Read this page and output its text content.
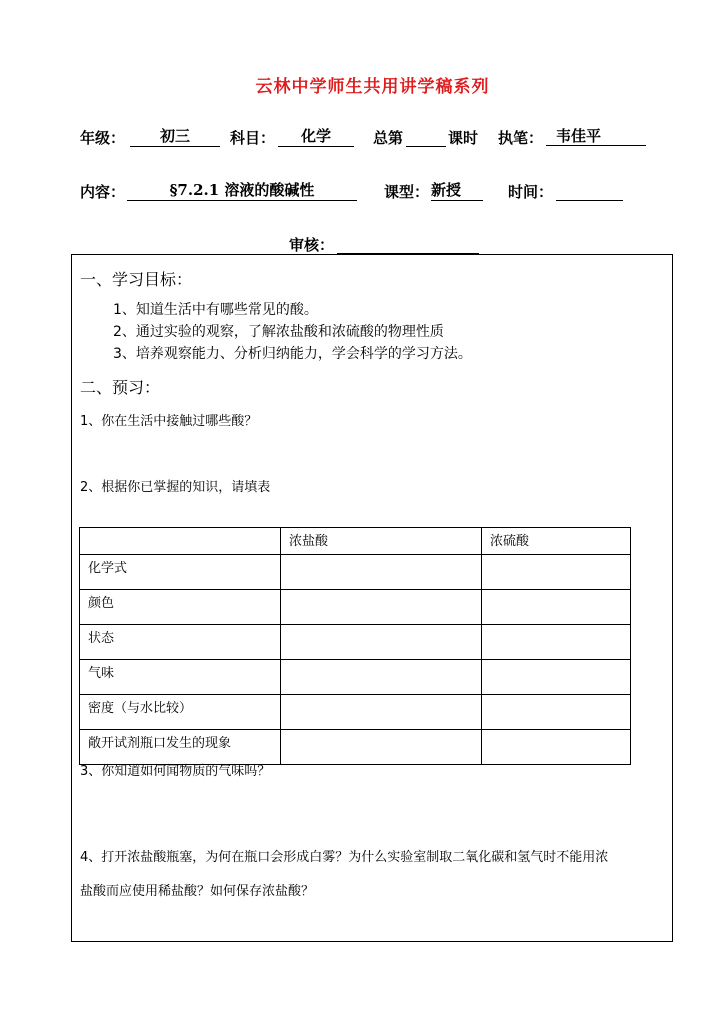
云林中学师生共用讲学稿系列
年级：	初三	科目：	化学	总第	课时 执笔： 韦佳平
内容：	§7.2.1 溶液的酸碱性	课型： 新授	时间：
审核：
一、学习目标：
1、知道生活中有哪些常见的酸。
2、通过实验的观察，了解浓盐酸和浓硫酸的物理性质
3、培养观察能力、分析归纳能力，学会科学的学习方法。
二、预习：
1、你在生活中接触过哪些酸？
2、根据你已掌握的知识，请填表
	浓盐酸	浓硫酸
化学式		
颜色		
状态		
气味		
密度（与水比较）		
敞开试剂瓶口发生的现象		
3、你知道如何闻物质的气味吗？
4、打开浓盐酸瓶塞，为何在瓶口会形成白雾？为什么实验室制取二氧化碳和氢气时不能用浓
盐酸而应使用稀盐酸？如何保存浓盐酸？
